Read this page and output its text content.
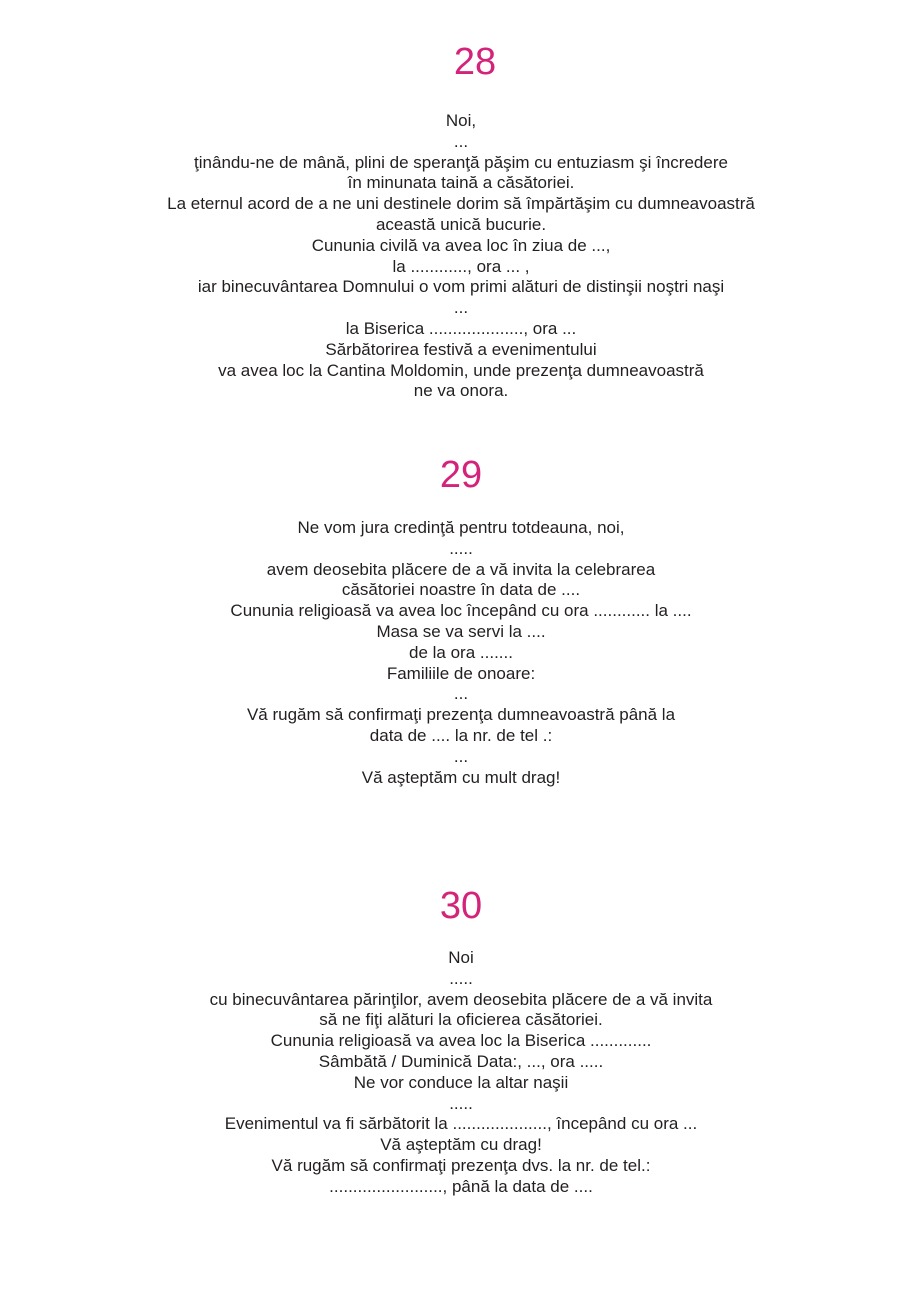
28
Noi,
...
ţinându-ne de mână, plini de speranţă păşim cu entuziasm şi încredere
în minunata taină a căsătoriei.
La eternul acord de a ne uni destinele dorim să împărtăşim cu dumneavoastră
această unică bucurie.
Cununia civilă va avea loc în ziua de ...,
la ............, ora ... ,
iar binecuvântarea Domnului o vom primi alături de distinşii noştri naşi
...
la Biserica ...................., ora ...
Sărbătorirea festivă a evenimentului
va avea loc la Cantina Moldomin, unde prezenţa dumneavoastră
ne va onora.
29
Ne vom jura credinţă pentru totdeauna, noi,
.....
avem deosebita plăcere de a vă invita la celebrarea
căsătoriei noastre în data de ....
Cununia religioasă va avea loc începând cu ora ............ la ....
Masa se va servi la ....
de la ora .......
Familiile de onoare:
...
Vă rugăm să confirmaţi prezenţa dumneavoastră până la
data de .... la nr. de tel .:
...
Vă aşteptăm cu mult drag!
30
Noi
.....
cu binecuvântarea părinţilor, avem deosebita plăcere de a vă invita
să ne fiţi alături la oficierea căsătoriei.
Cununia religioasă va avea loc la Biserica .............
Sâmbătă / Duminică Data:, ..., ora .....
Ne vor conduce la altar naşii
.....
Evenimentul va fi sărbătorit la ...................., începând cu ora ...
Vă aşteptăm cu drag!
Vă rugăm să confirmaţi prezenţa dvs. la nr. de tel.:
........................, până la data de ....
